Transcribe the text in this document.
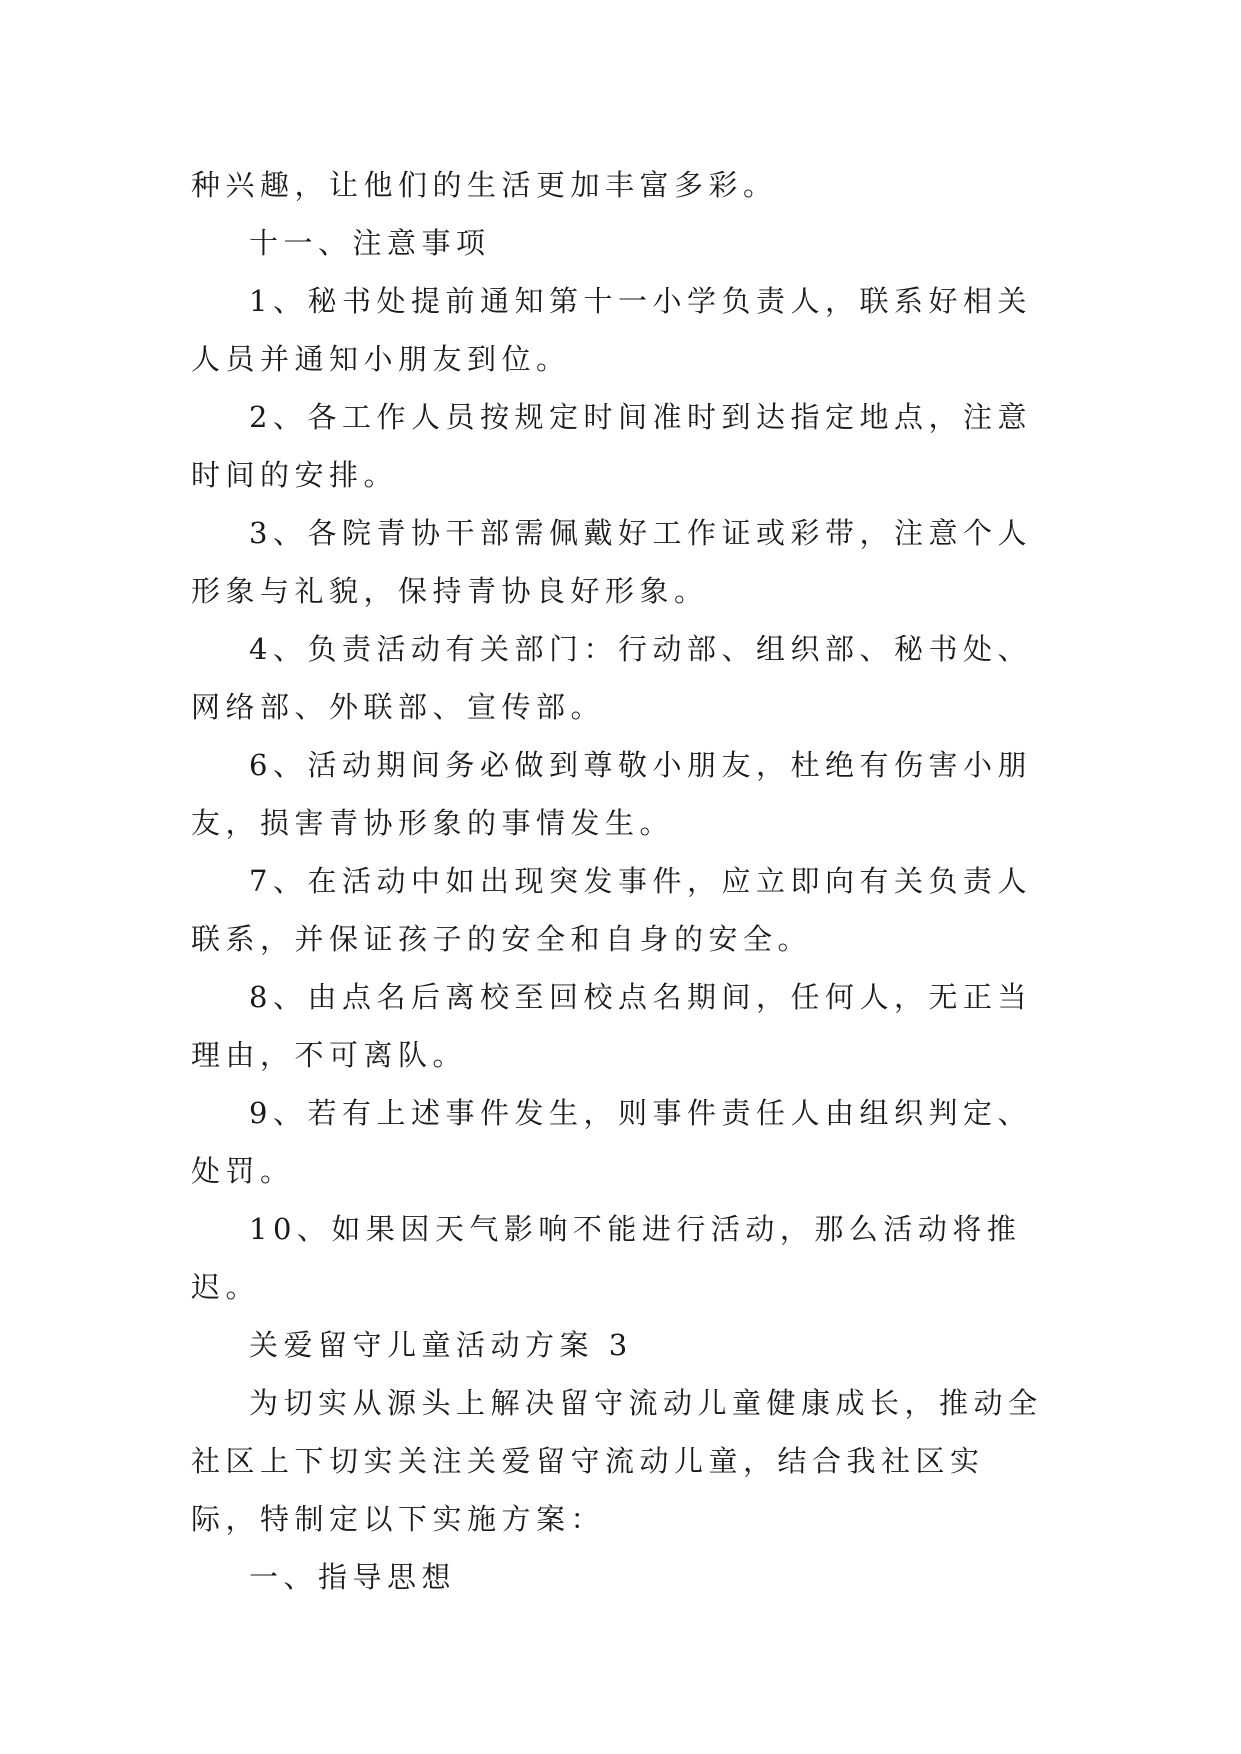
种兴趣，让他们的生活更加丰富多彩。

十一、注意事项

1、秘书处提前通知第十一小学负责人，联系好相关人员并通知小朋友到位。

2、各工作人员按规定时间准时到达指定地点，注意时间的安排。

3、各院青协干部需佩戴好工作证或彩带，注意个人形象与礼貌，保持青协良好形象。

4、负责活动有关部门：行动部、组织部、秘书处、网络部、外联部、宣传部。

6、活动期间务必做到尊敬小朋友，杜绝有伤害小朋友，损害青协形象的事情发生。

7、在活动中如出现突发事件，应立即向有关负责人联系，并保证孩子的安全和自身的安全。

8、由点名后离校至回校点名期间，任何人，无正当理由，不可离队。

9、若有上述事件发生，则事件责任人由组织判定、处罚。

10、如果因天气影响不能进行活动，那么活动将推迟。

关爱留守儿童活动方案 3

为切实从源头上解决留守流动儿童健康成长，推动全社区上下切实关注关爱留守流动儿童，结合我社区实际，特制定以下实施方案：

一、指导思想
